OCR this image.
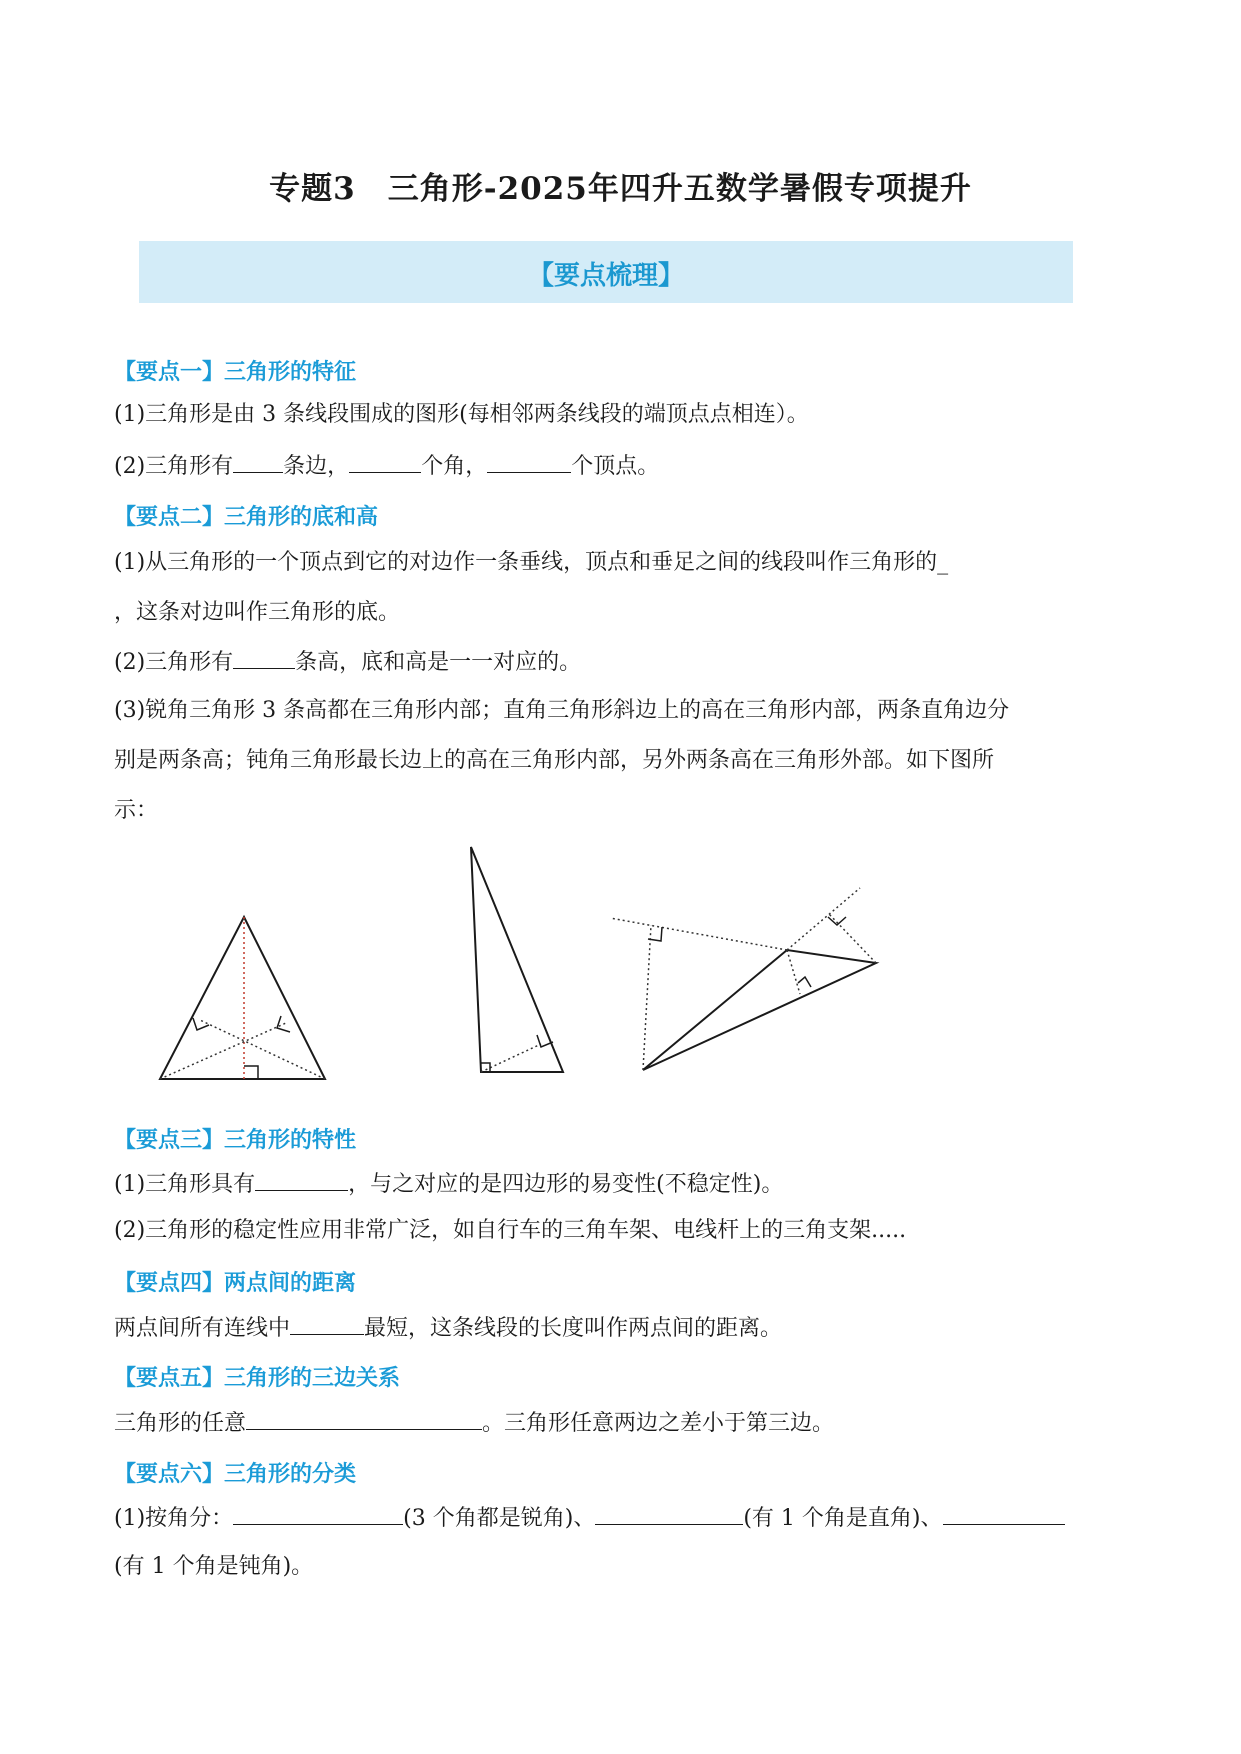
专题3　三角形-2025年四升五数学暑假专项提升
【要点梳理】
【要点一】三角形的特征
(1)三角形是由 3 条线段围成的图形(每相邻两条线段的端顶点点相连）。
(2)三角形有 条边，	个角，	个顶点。
【要点二】三角形的底和高
(1)从三角形的一个顶点到它的对边作一条垂线，顶点和垂足之间的线段叫作三角形的_
，这条对边叫作三角形的底。
(2)三角形有	条高，底和高是一一对应的。
(3)锐角三角形 3 条高都在三角形内部；直角三角形斜边上的高在三角形内部，两条直角边分
别是两条高；钝角三角形最长边上的高在三角形内部，另外两条高在三角形外部。如下图所
示：
【要点三】三角形的特性
(1)三角形具有	，与之对应的是四边形的易变性(不稳定性)。
(2)三角形的稳定性应用非常广泛，如自行车的三角车架、电线杆上的三角支架.....
【要点四】两点间的距离
两点间所有连线中	最短，这条线段的长度叫作两点间的距离。
【要点五】三角形的三边关系
三角形的任意	。三角形任意两边之差小于第三边。
【要点六】三角形的分类
(1)按角分：	(3 个角都是锐角)、	(有 1 个角是直角)、
(有 1 个角是钝角)。
